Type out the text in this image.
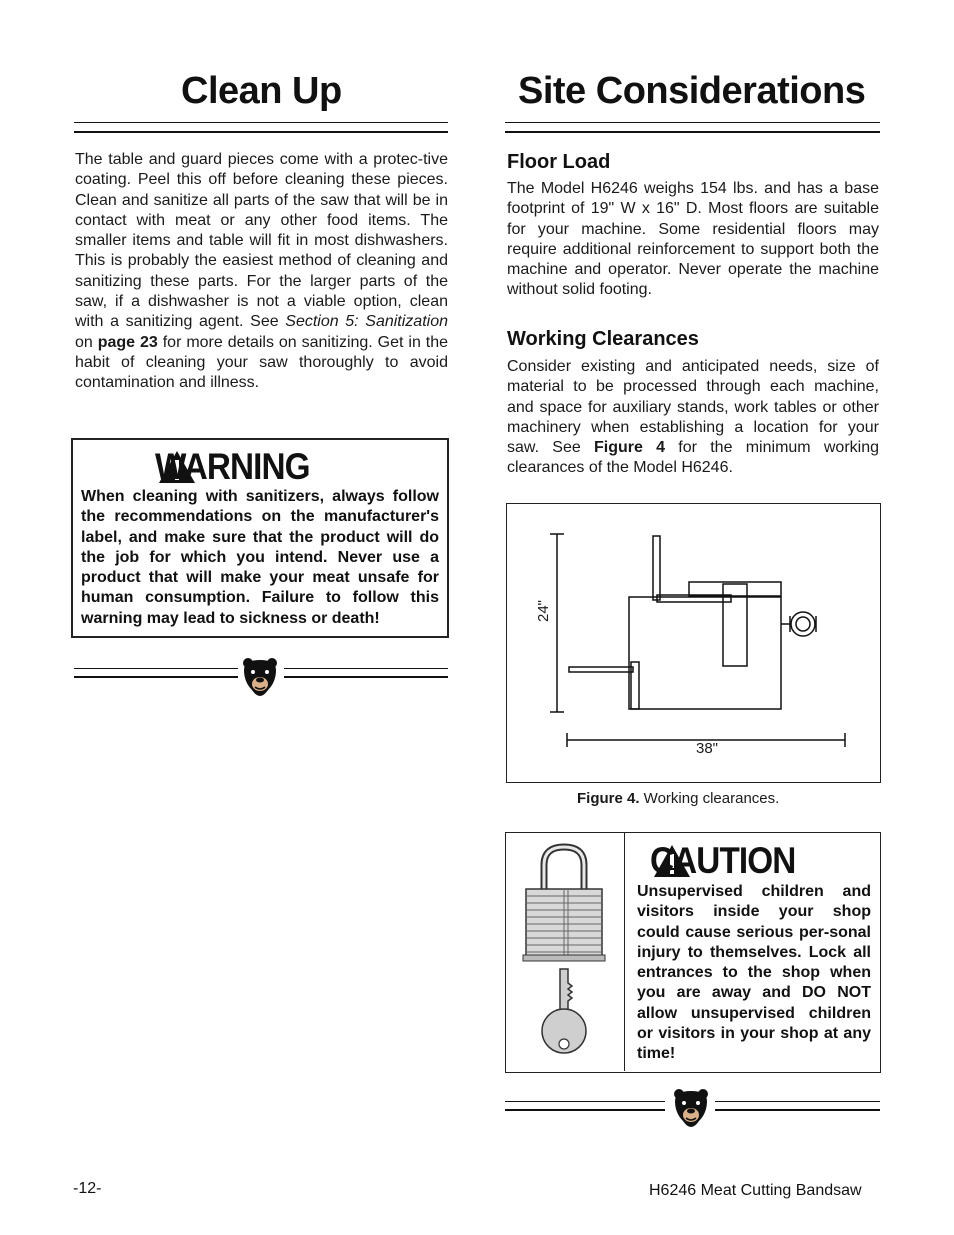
Clean Up
The table and guard pieces come with a protec-tive coating. Peel this off before cleaning these pieces. Clean and sanitize all parts of the saw that will be in contact with meat or any other food items. The smaller items and table will fit in most dishwashers. This is probably the easiest method of cleaning and sanitizing these parts. For the larger parts of the saw, if a dishwasher is not a viable option, clean with a sanitizing agent. See Section 5: Sanitization on page 23 for more details on sanitizing. Get in the habit of cleaning your saw thoroughly to avoid contamination and illness.
WARNING
When cleaning with sanitizers, always follow the recommendations on the manufacturer's label, and make sure that the product will do the job for which you intend. Never use a product that will make your meat unsafe for human consumption. Failure to follow this warning may lead to sickness or death!
Site Considerations
Floor Load
The Model H6246 weighs 154 lbs. and has a base footprint of 19" W x 16" D. Most floors are suitable for your machine. Some residential floors may require additional reinforcement to support both the machine and operator. Never operate the machine without solid footing.
Working Clearances
Consider existing and anticipated needs, size of material to be processed through each machine, and space for auxiliary stands, work tables or other machinery when establishing a location for your saw. See Figure 4 for the minimum working clearances of the Model H6246.
24"
38"
Figure 4. Working clearances.
CAUTION
Unsupervised children and visitors inside your shop could cause serious per-sonal injury to themselves. Lock all entrances to the shop when you are away and DO NOT allow unsupervised children or visitors in your shop at any time!
-12-	H6246 Meat Cutting Bandsaw
